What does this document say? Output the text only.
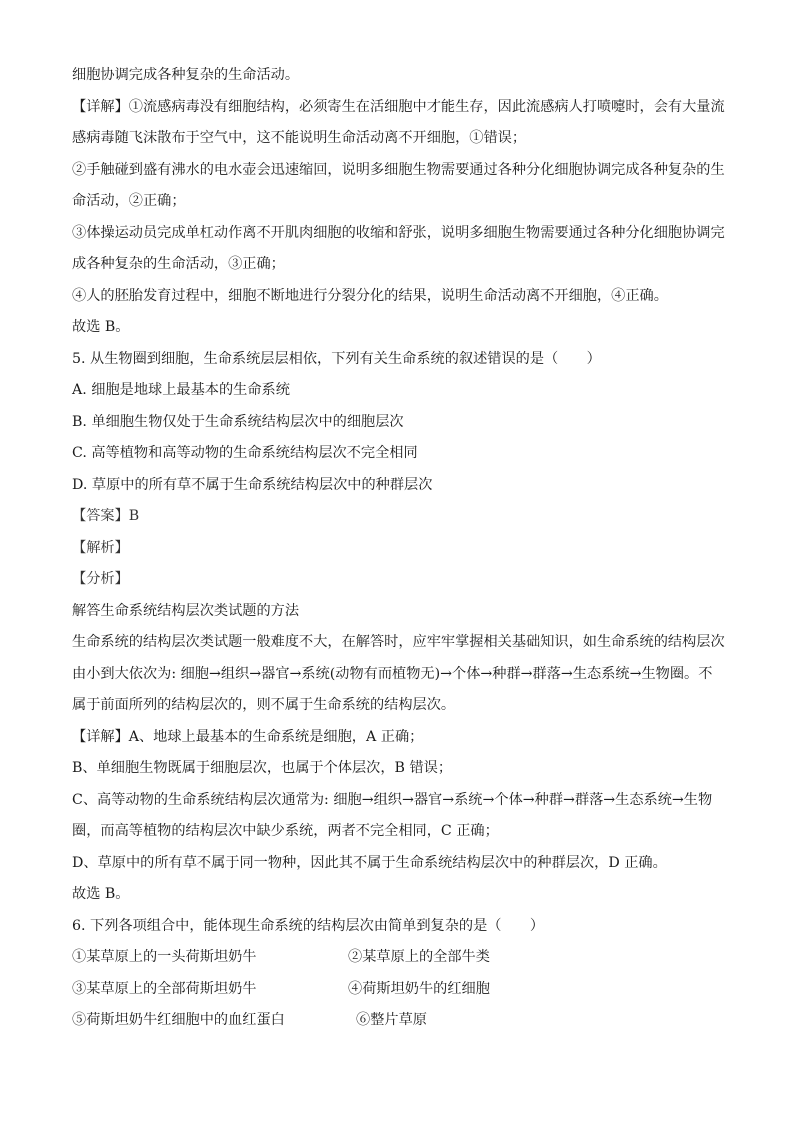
细胞协调完成各种复杂的生命活动。
【详解】①流感病毒没有细胞结构，必须寄生在活细胞中才能生存，因此流感病人打喷嚏时，会有大量流
感病毒随飞沫散布于空气中，这不能说明生命活动离不开细胞，①错误；
②手触碰到盛有沸水的电水壶会迅速缩回，说明多细胞生物需要通过各种分化细胞协调完成各种复杂的生
命活动，②正确；
③体操运动员完成单杠动作离不开肌肉细胞的收缩和舒张，说明多细胞生物需要通过各种分化细胞协调完
成各种复杂的生命活动，③正确；
④人的胚胎发育过程中，细胞不断地进行分裂分化的结果，说明生命活动离不开细胞，④正确。
故选 B。
5. 从生物圈到细胞，生命系统层层相依，下列有关生命系统的叙述错误的是（　　）
A. 细胞是地球上最基本的生命系统
B. 单细胞生物仅处于生命系统结构层次中的细胞层次
C. 高等植物和高等动物的生命系统结构层次不完全相同
D. 草原中的所有草不属于生命系统结构层次中的种群层次
【答案】B
【解析】
【分析】
解答生命系统结构层次类试题的方法
生命系统的结构层次类试题一般难度不大，在解答时，应牢牢掌握相关基础知识，如生命系统的结构层次
由小到大依次为: 细胞→组织→器官→系统(动物有而植物无)→个体→种群→群落→生态系统→生物圈。不
属于前面所列的结构层次的，则不属于生命系统的结构层次。
【详解】A、地球上最基本的生命系统是细胞，A 正确；
B、单细胞生物既属于细胞层次，也属于个体层次，B 错误；
C、高等动物的生命系统结构层次通常为: 细胞→组织→器官→系统→个体→种群→群落→生态系统→生物
圈，而高等植物的结构层次中缺少系统，两者不完全相同，C 正确；
D、草原中的所有草不属于同一物种，因此其不属于生命系统结构层次中的种群层次，D 正确。
故选 B。
6. 下列各项组合中，能体现生命系统的结构层次由简单到复杂的是（　　）
①某草原上的一头荷斯坦奶牛	②某草原上的全部牛类
③某草原上的全部荷斯坦奶牛	④荷斯坦奶牛的红细胞
⑤荷斯坦奶牛红细胞中的血红蛋白	⑥整片草原
